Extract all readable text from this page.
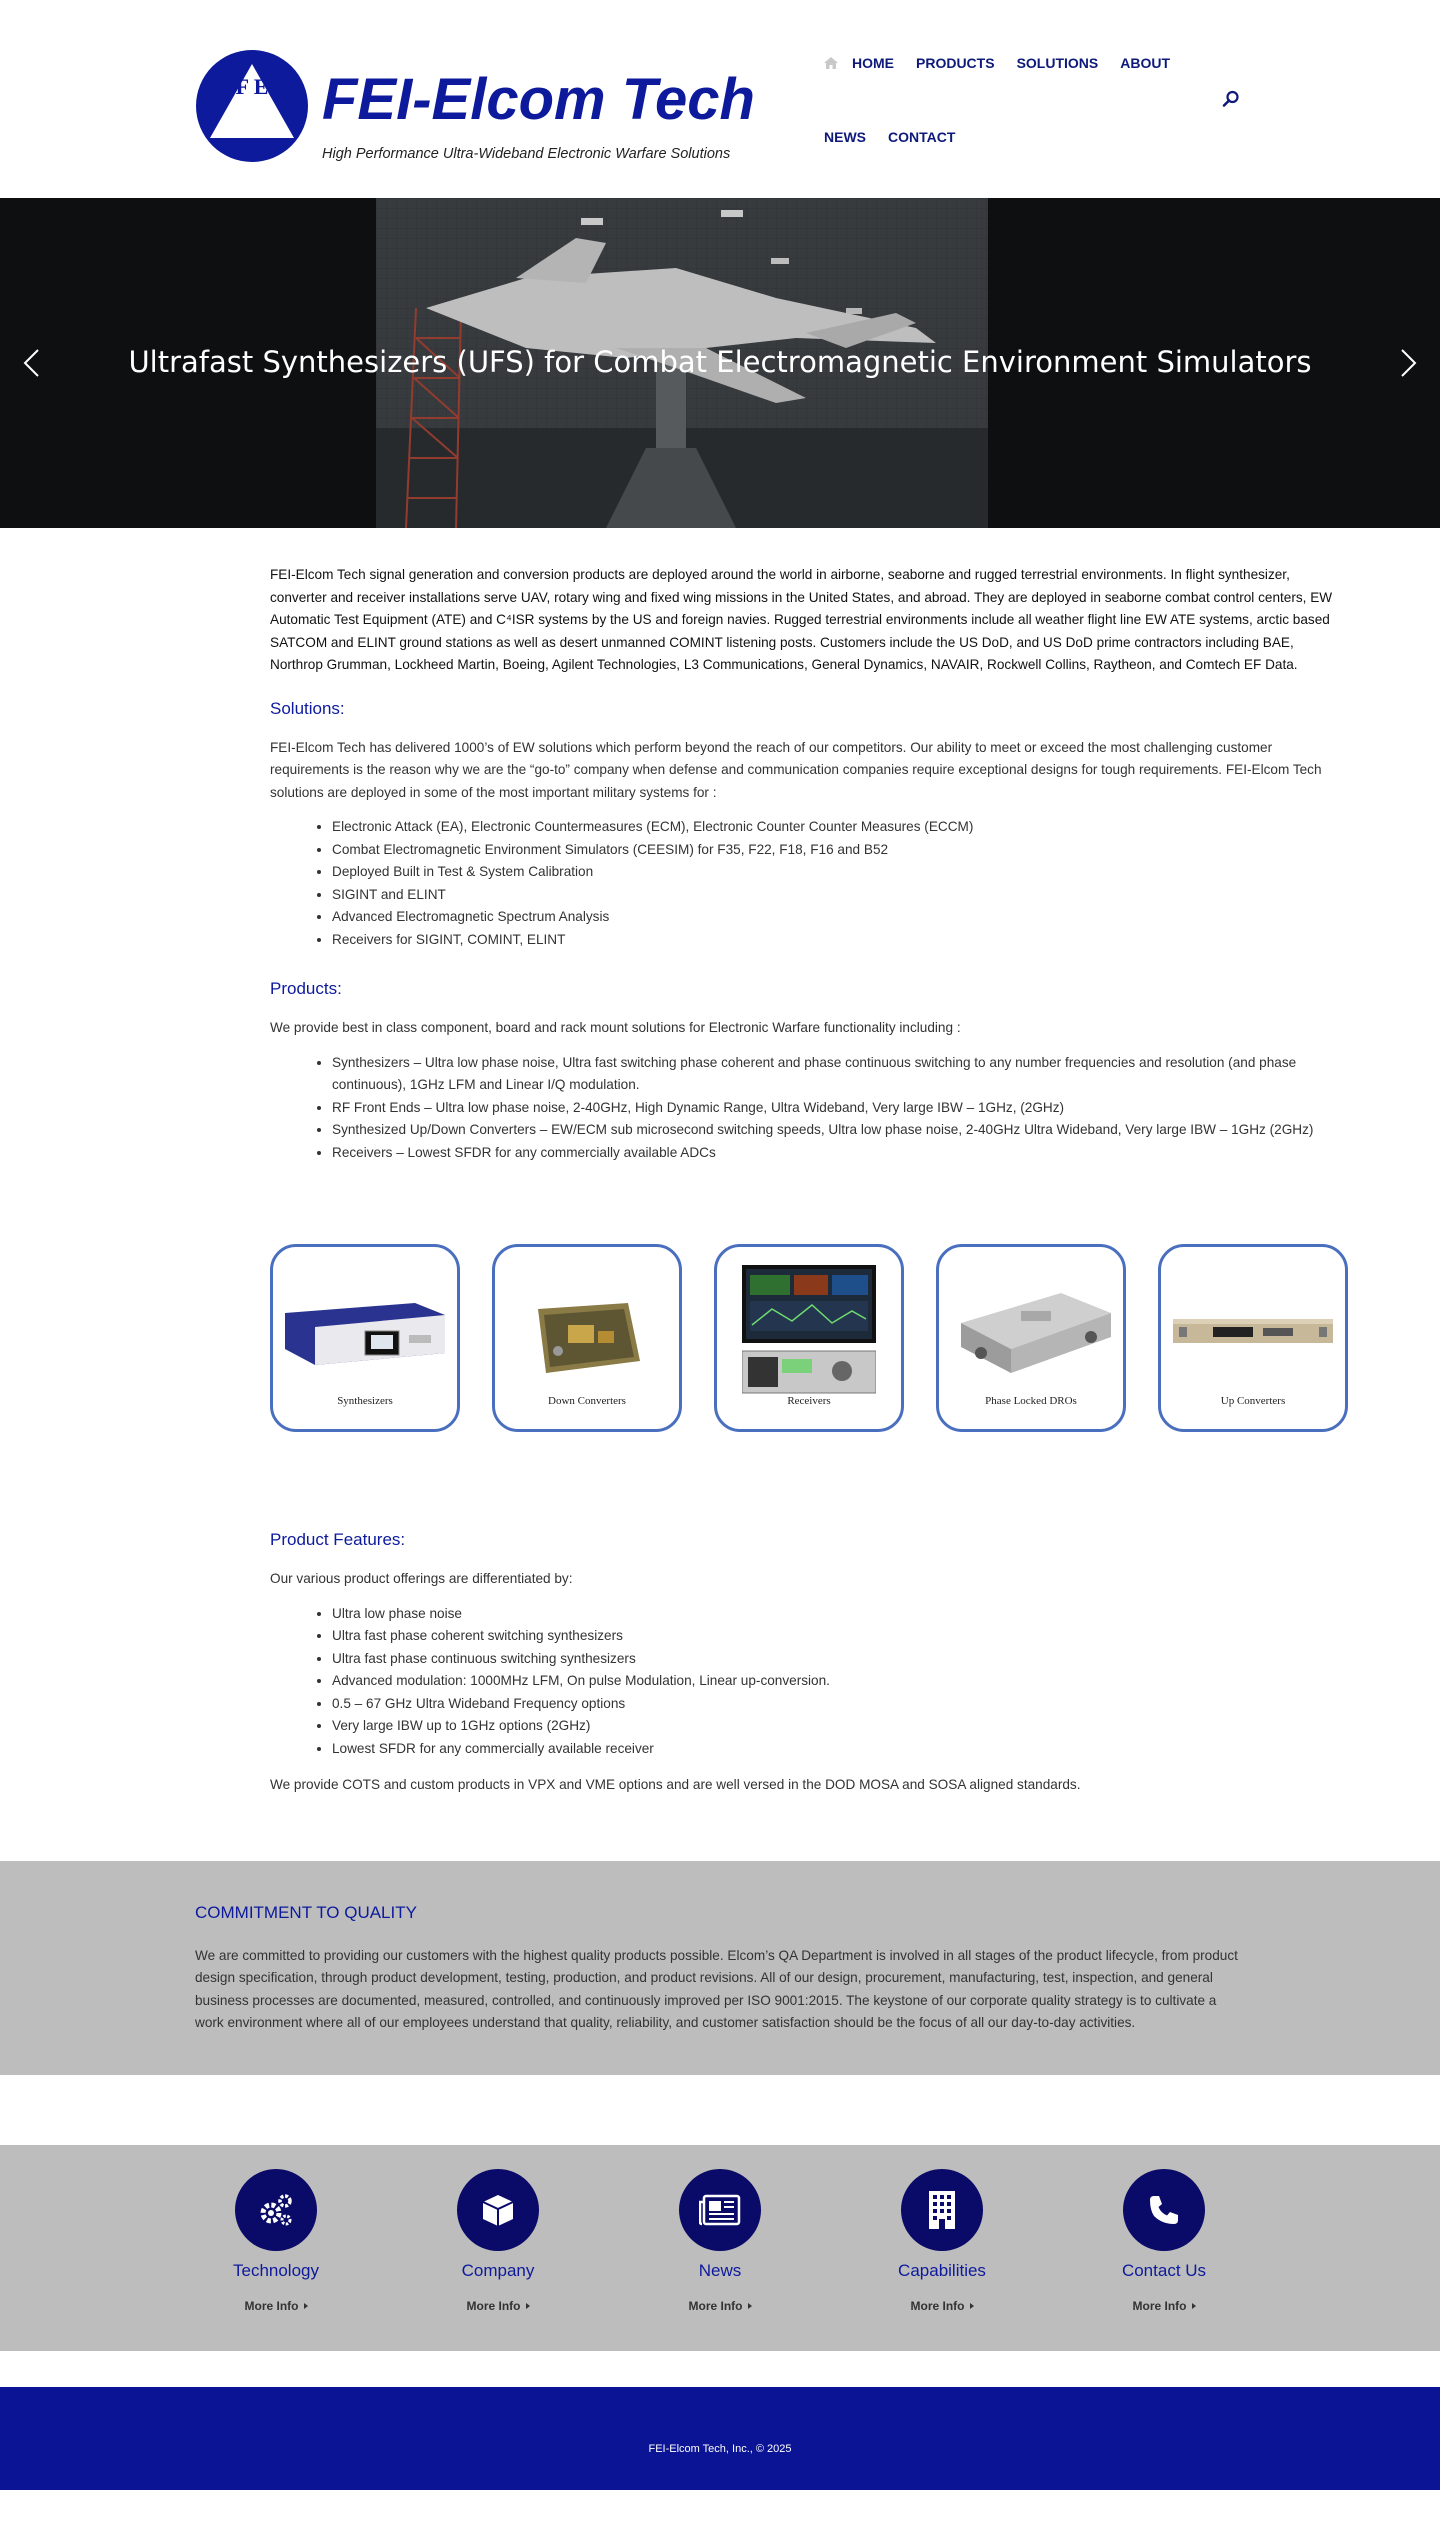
F E FEI-Elcom Tech
High Performance Ultra-Wideband Electronic Warfare Solutions
HOME PRODUCTS SOLUTIONS ABOUT
NEWS CONTACT
Ultrafast Synthesizers (UFS) for Combat Electromagnetic Environment Simulators

FEI-Elcom Tech signal generation and conversion products are deployed around the world in airborne, seaborne and rugged terrestrial environments. In flight synthesizer, converter and receiver installations serve UAV, rotary wing and fixed wing missions in the United States, and abroad. They are deployed in seaborne combat control centers, EW Automatic Test Equipment (ATE) and C⁴ISR systems by the US and foreign navies. Rugged terrestrial environments include all weather flight line EW ATE systems, arctic based SATCOM and ELINT ground stations as well as desert unmanned COMINT listening posts. Customers include the US DoD, and US DoD prime contractors including BAE, Northrop Grumman, Lockheed Martin, Boeing, Agilent Technologies, L3 Communications, General Dynamics, NAVAIR, Rockwell Collins, Raytheon, and Comtech EF Data.

Solutions:

FEI-Elcom Tech has delivered 1000’s of EW solutions which perform beyond the reach of our competitors. Our ability to meet or exceed the most challenging customer requirements is the reason why we are the “go-to” company when defense and communication companies require exceptional designs for tough requirements. FEI-Elcom Tech solutions are deployed in some of the most important military systems for :

• Electronic Attack (EA), Electronic Countermeasures (ECM), Electronic Counter Counter Measures (ECCM)
• Combat Electromagnetic Environment Simulators (CEESIM) for F35, F22, F18, F16 and B52
• Deployed Built in Test & System Calibration
• SIGINT and ELINT
• Advanced Electromagnetic Spectrum Analysis
• Receivers for SIGINT, COMINT, ELINT
Products:

We provide best in class component, board and rack mount solutions for Electronic Warfare functionality including :

• Synthesizers – Ultra low phase noise, Ultra fast switching phase coherent and phase continuous switching to any number frequencies and resolution (and phase continuous), 1GHz LFM and Linear I/Q modulation.
• RF Front Ends – Ultra low phase noise, 2-40GHz, High Dynamic Range, Ultra Wideband, Very large IBW – 1GHz, (2GHz)
• Synthesized Up/Down Converters – EW/ECM sub microsecond switching speeds, Ultra low phase noise, 2-40GHz Ultra Wideband, Very large IBW – 1GHz (2GHz)
• Receivers – Lowest SFDR for any commercially available ADCs
Synthesizers	Down Converters	Receivers	Phase Locked DROs	Up Converters
Product Features:

Our various product offerings are differentiated by:

• Ultra low phase noise
• Ultra fast phase coherent switching synthesizers
• Ultra fast phase continuous switching synthesizers
• Advanced modulation: 1000MHz LFM, On pulse Modulation, Linear up-conversion.
• 0.5 – 67 GHz Ultra Wideband Frequency options
• Very large IBW up to 1GHz options (2GHz)
• Lowest SFDR for any commercially available receiver

We provide COTS and custom products in VPX and VME options and are well versed in the DOD MOSA and SOSA aligned standards.

COMMITMENT TO QUALITY

We are committed to providing our customers with the highest quality products possible. Elcom’s QA Department is involved in all stages of the product lifecycle, from product design specification, through product development, testing, production, and product revisions. All of our design, procurement, manufacturing, test, inspection, and general business processes are documented, measured, controlled, and continuously improved per ISO 9001:2015. The keystone of our corporate quality strategy is to cultivate a work environment where all of our employees understand that quality, reliability, and customer satisfaction should be the focus of all our day-to-day activities.

Technology
More Info
Company
More Info
News
More Info
Capabilities
More Info
Contact Us
More Info
FEI-Elcom Tech, Inc., © 2025
